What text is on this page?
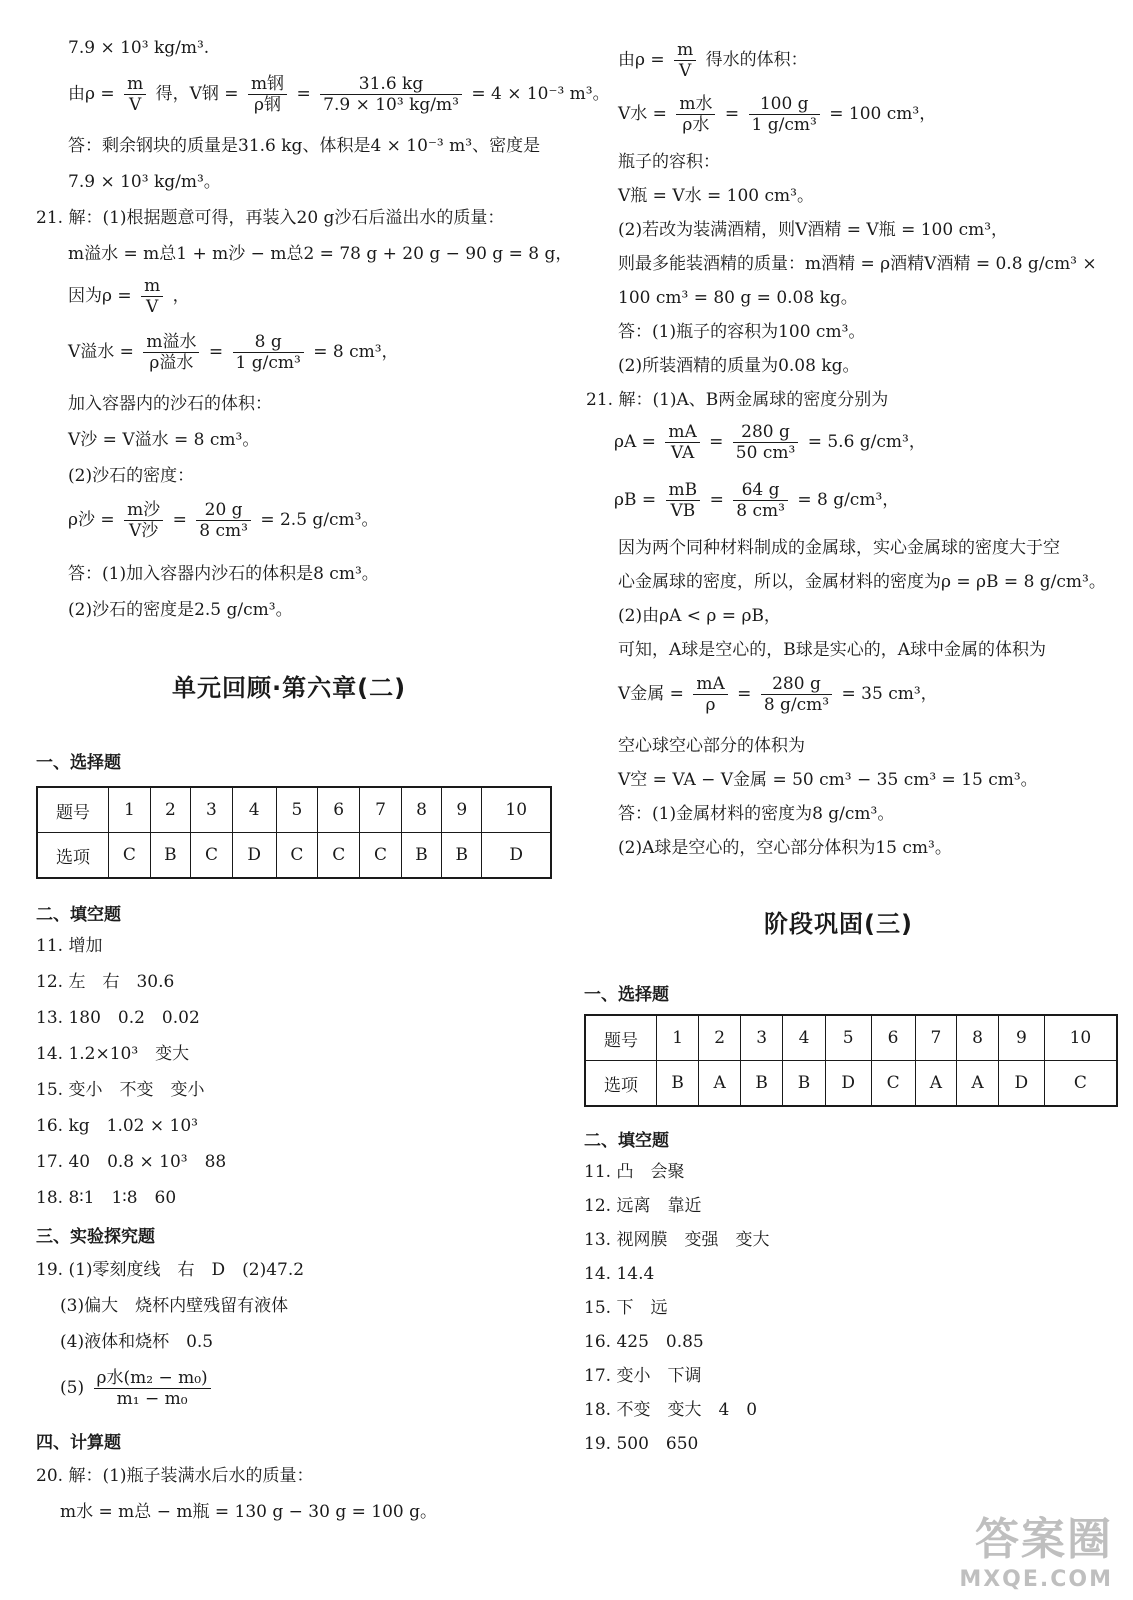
7.9 × 10³ kg/m³.
由$\rho = \frac{m}{V}$ 得，V钢 = $\frac{\text{m钢}}{\text{ρ钢}} = \frac{31.6 kg}{\text{7.9 × 10³ kg/m³}} = 4 \times 10^{-3}$ m³。
答：剩余钢块的质量是31.6 kg、体积是4 × 10⁻³ m³、密度是
7.9 × 10³ kg/m³。
21. 解：(1)根据题意可得，再装入20 g沙石后溢出水的质量：
m溢水 = m总1 + m沙 − m总2 = 78 g + 20 g − 90 g = 8 g，
因为$\rho = \frac{m}{V}$ ，
V溢水 = $\frac{\text{m溢水}}{\text{ρ溢水}} = \frac{8 g}{\text{1 g/cm³}} = 8$ cm³，
加入容器内的沙石的体积：
V沙 = V溢水 = 8 cm³。
(2)沙石的密度：
ρ沙 = $\frac{\text{m沙}}{\text{V沙}} = \frac{20 g}{\text{8 cm³}} = 2.5$ g/cm³。
答：(1)加入容器内沙石的体积是8 cm³。
(2)沙石的密度是2.5 g/cm³。
单元回顾·第六章(二)
一、选择题
题号	1	2	3	4	5	6	7	8	9	10
选项	C	B	C	D	C	C	C	B	B	D
二、填空题
11. 增加
12. 左　右　30.6
13. 180　0.2　0.02
14. 1.2×10³　变大
15. 变小　不变　变小
16. kg　1.02 × 10³
17. 40　0.8 × 10³　88
18. 8∶1　1∶8　60
三、实验探究题
19. (1)零刻度线　右　D　(2)47.2
(3)偏大　烧杯内壁残留有液体
(4)液体和烧杯　0.5
$(5) \frac{\text{ρ水(m₂ − m₀)}}{\text{m₁ − m₀}}$
四、计算题
20. 解：(1)瓶子装满水后水的质量：
m水 = m总 − m瓶 = 130 g − 30 g = 100 g。
由$\rho = \frac{m}{V}$ 得水的体积：
V水 = $\frac{\text{m水}}{\text{ρ水}} = \frac{100 g}{\text{1 g/cm³}} = 100$ cm³，
瓶子的容积：
V瓶 = V水 = 100 cm³。
(2)若改为装满酒精，则V酒精 = V瓶 = 100 cm³，
则最多能装酒精的质量：m酒精 = ρ酒精V酒精 = 0.8 g/cm³ ×
100 cm³ = 80 g = 0.08 kg。
答：(1)瓶子的容积为100 cm³。
(2)所装酒精的质量为0.08 kg。
21. 解：(1)A、B两金属球的密度分别为
$\rho A = \frac{mA}{VA} = \frac{280 g}{\text{50 cm³}} = 5.6$ g/cm³，
$\rho B = \frac{mB}{VB} = \frac{64 g}{\text{8 cm³}} = 8$ g/cm³，
因为两个同种材料制成的金属球，实心金属球的密度大于空
心金属球的密度，所以，金属材料的密度为ρ = ρB = 8 g/cm³。
(2)由ρA < ρ = ρB，
可知，A球是空心的，B球是实心的，A球中金属的体积为
V金属 = $\frac{mA}{\rho} = \frac{280 g}{\text{8 g/cm³}} = 35$ cm³，
空心球空心部分的体积为
V空 = VA − V金属 = 50 cm³ − 35 cm³ = 15 cm³。
答：(1)金属材料的密度为8 g/cm³。
(2)A球是空心的，空心部分体积为15 cm³。
阶段巩固(三)
一、选择题
题号	1	2	3	4	5	6	7	8	9	10
选项	B	A	B	B	D	C	A	A	D	C
二、填空题
11. 凸　会聚
12. 远离　靠近
13. 视网膜　变强　变大
14. 14.4
15. 下　远
16. 425　0.85
17. 变小　下调
18. 不变　变大　4　0
19. 500　650
答案圈
MXQE.COM
